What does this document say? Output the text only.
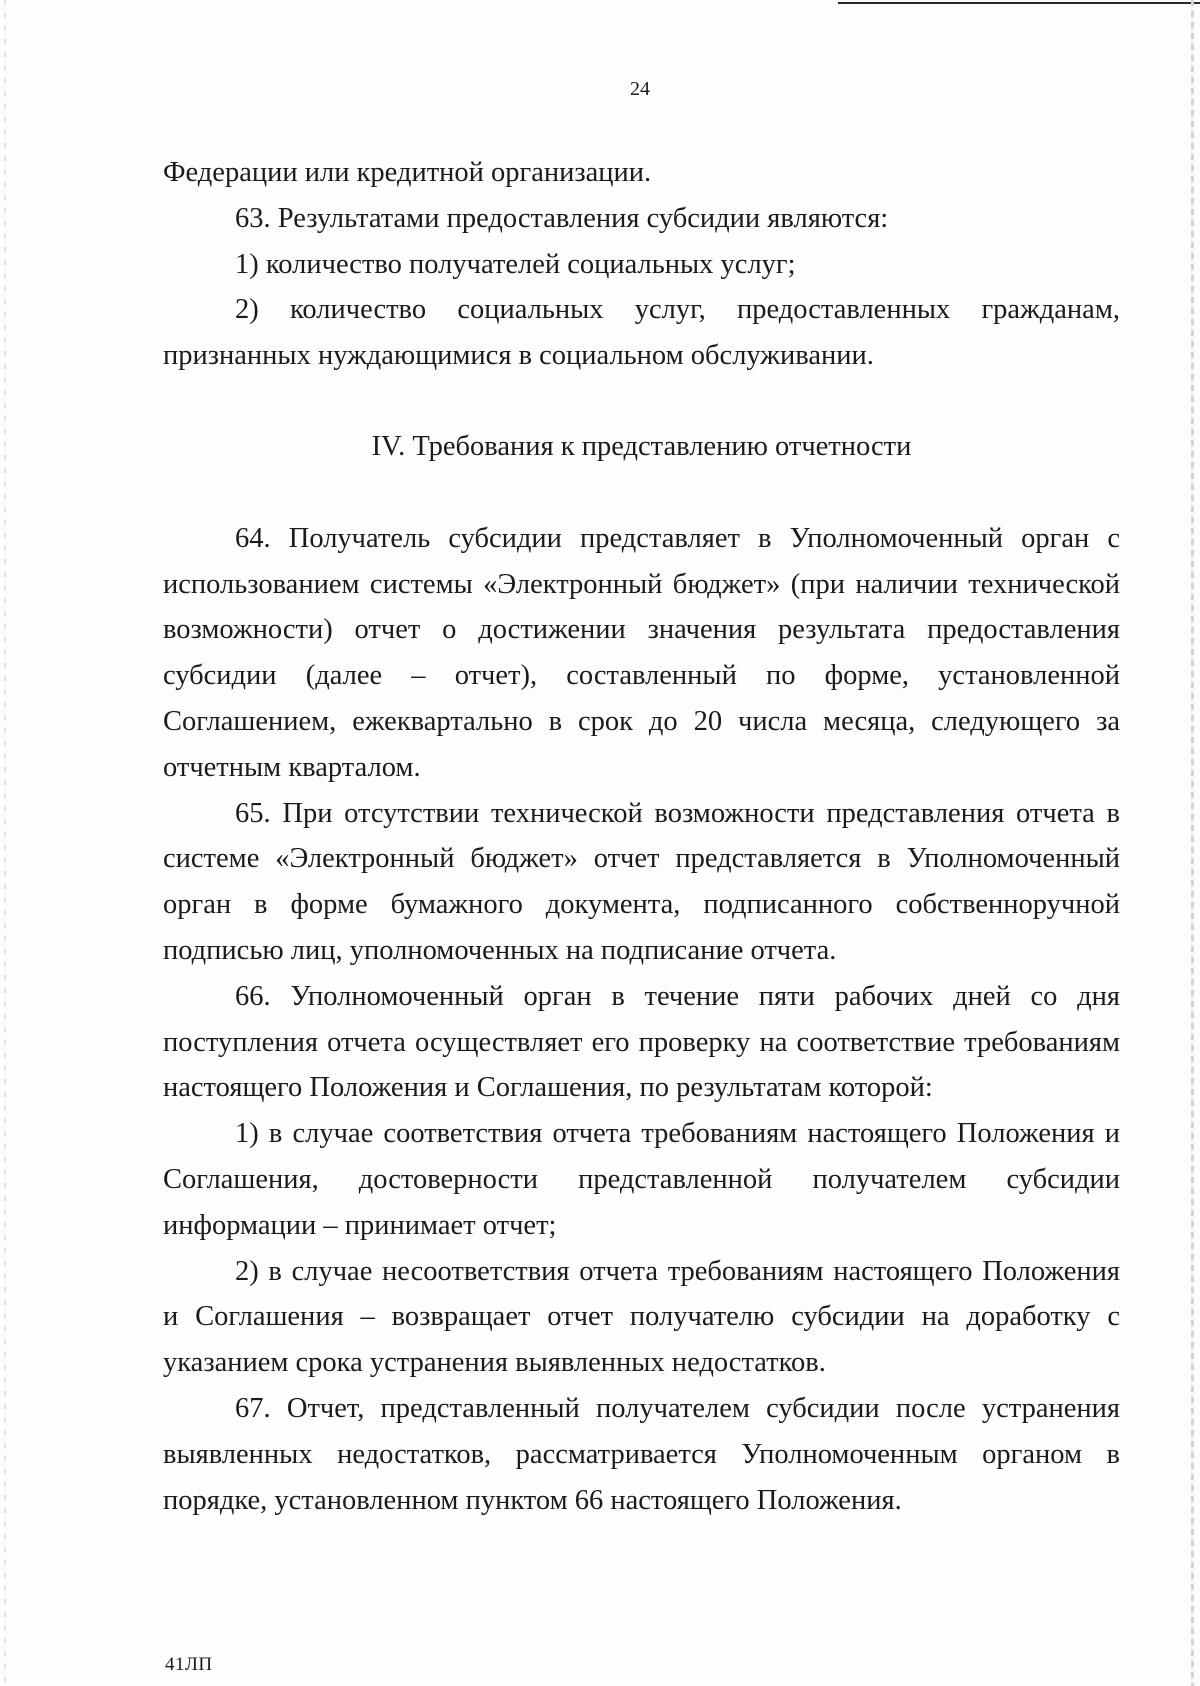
24

Федерации или кредитной организации.

63. Результатами предоставления субсидии являются:

1) количество получателей социальных услуг;

2) количество социальных услуг, предоставленных гражданам, признанных нуждающимися в социальном обслуживании.

IV. Требования к представлению отчетности

64. Получатель субсидии представляет в Уполномоченный орган с использованием системы «Электронный бюджет» (при наличии технической возможности) отчет о достижении значения результата предоставления субсидии (далее – отчет), составленный по форме, установленной Соглашением, ежеквартально в срок до 20 числа месяца, следующего за отчетным кварталом.

65. При отсутствии технической возможности представления отчета в системе «Электронный бюджет» отчет представляется в Уполномоченный орган в форме бумажного документа, подписанного собственноручной подписью лиц, уполномоченных на подписание отчета.

66. Уполномоченный орган в течение пяти рабочих дней со дня поступления отчета осуществляет его проверку на соответствие требованиям настоящего Положения и Соглашения, по результатам которой:

1) в случае соответствия отчета требованиям настоящего Положения и Соглашения, достоверности представленной получателем субсидии информации – принимает отчет;

2) в случае несоответствия отчета требованиям настоящего Положения и Соглашения – возвращает отчет получателю субсидии на доработку с указанием срока устранения выявленных недостатков.

67. Отчет, представленный получателем субсидии после устранения выявленных недостатков, рассматривается Уполномоченным органом в порядке, установленном пунктом 66 настоящего Положения.

41ЛП
